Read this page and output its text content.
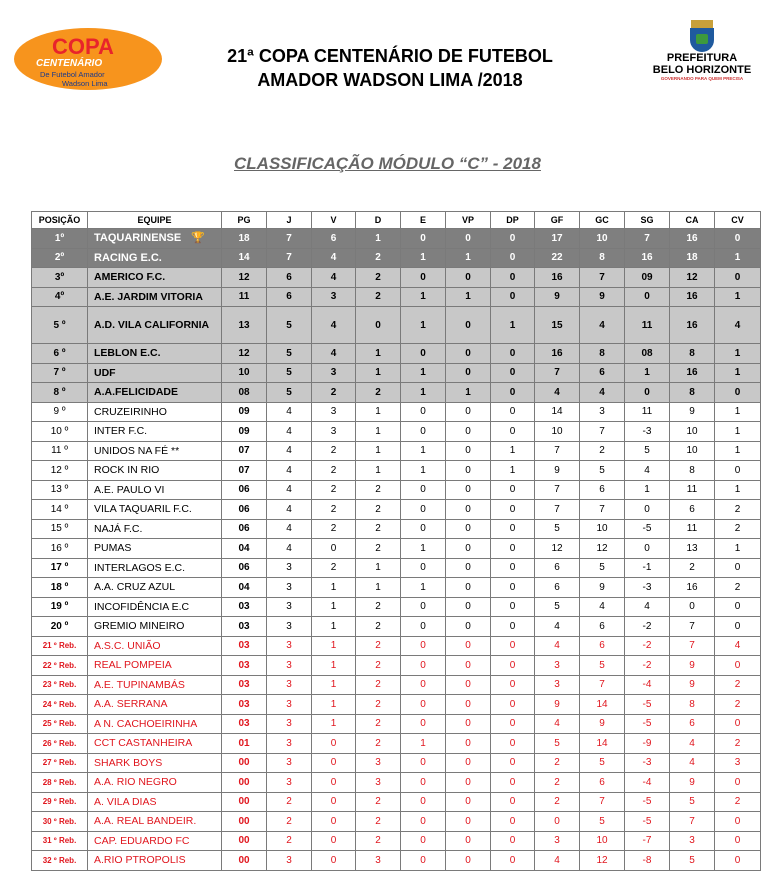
COPA
CENTENÁRIO
De Futebol Amador
Wadson Lima
21ª COPA CENTENÁRIO DE FUTEBOL
AMADOR WADSON LIMA /2018
PREFEITURA
BELO HORIZONTE
GOVERNANDO PARA QUEM PRECISA
CLASSIFICAÇÃO MÓDULO “C” - 2018
POSIÇÃO	EQUIPE	PG	J	V	D	E	VP	DP	GF	GC	SG	CA	CV
1º	TAQUARINENSE 🏆	18	7	6	1	0	0	0	17	10	7	16	0
2º	RACING E.C.	14	7	4	2	1	1	0	22	8	16	18	1
3º	AMERICO F.C.	12	6	4	2	0	0	0	16	7	09	12	0
4º	A.E. JARDIM VITORIA	11	6	3	2	1	1	0	9	9	0	16	1
5 º	A.D. VILA CALIFORNIA	13	5	4	0	1	0	1	15	4	11	16	4
6 º	LEBLON E.C.	12	5	4	1	0	0	0	16	8	08	8	1
7 º	UDF	10	5	3	1	1	0	0	7	6	1	16	1
8 º	A.A.FELICIDADE	08	5	2	2	1	1	0	4	4	0	8	0
9 º	CRUZEIRINHO	09	4	3	1	0	0	0	14	3	11	9	1
10 º	INTER F.C.	09	4	3	1	0	0	0	10	7	-3	10	1
11 º	UNIDOS NA FÉ **	07	4	2	1	1	0	1	7	2	5	10	1
12 º	ROCK IN RIO	07	4	2	1	1	0	1	9	5	4	8	0
13 º	A.E. PAULO VI	06	4	2	2	0	0	0	7	6	1	11	1
14 º	VILA TAQUARIL F.C.	06	4	2	2	0	0	0	7	7	0	6	2
15 º	NAJÁ F.C.	06	4	2	2	0	0	0	5	10	-5	11	2
16 º	PUMAS	04	4	0	2	1	0	0	12	12	0	13	1
17 º	INTERLAGOS E.C.	06	3	2	1	0	0	0	6	5	-1	2	0
18 º	A.A. CRUZ AZUL	04	3	1	1	1	0	0	6	9	-3	16	2
19 º	INCOFIDÊNCIA E.C	03	3	1	2	0	0	0	5	4	4	0	0
20 º	GREMIO MINEIRO	03	3	1	2	0	0	0	4	6	-2	7	0
21 º Reb.	A.S.C. UNIÃO	03	3	1	2	0	0	0	4	6	-2	7	4
22 º Reb.	REAL POMPEIA	03	3	1	2	0	0	0	3	5	-2	9	0
23 º Reb.	A.E. TUPINAMBÁS	03	3	1	2	0	0	0	3	7	-4	9	2
24 º Reb.	A.A. SERRANA	03	3	1	2	0	0	0	9	14	-5	8	2
25 º Reb.	A N. CACHOEIRINHA	03	3	1	2	0	0	0	4	9	-5	6	0
26 º Reb.	CCT CASTANHEIRA	01	3	0	2	1	0	0	5	14	-9	4	2
27 º Reb.	SHARK BOYS	00	3	0	3	0	0	0	2	5	-3	4	3
28 º Reb.	A.A. RIO NEGRO	00	3	0	3	0	0	0	2	6	-4	9	0
29 º Reb.	A. VILA DIAS	00	2	0	2	0	0	0	2	7	-5	5	2
30 º Reb.	A.A. REAL BANDEIR.	00	2	0	2	0	0	0	0	5	-5	7	0
31 º Reb.	CAP. EDUARDO FC	00	2	0	2	0	0	0	3	10	-7	3	0
32 º Reb.	A.RIO PTROPOLIS	00	3	0	3	0	0	0	4	12	-8	5	0
